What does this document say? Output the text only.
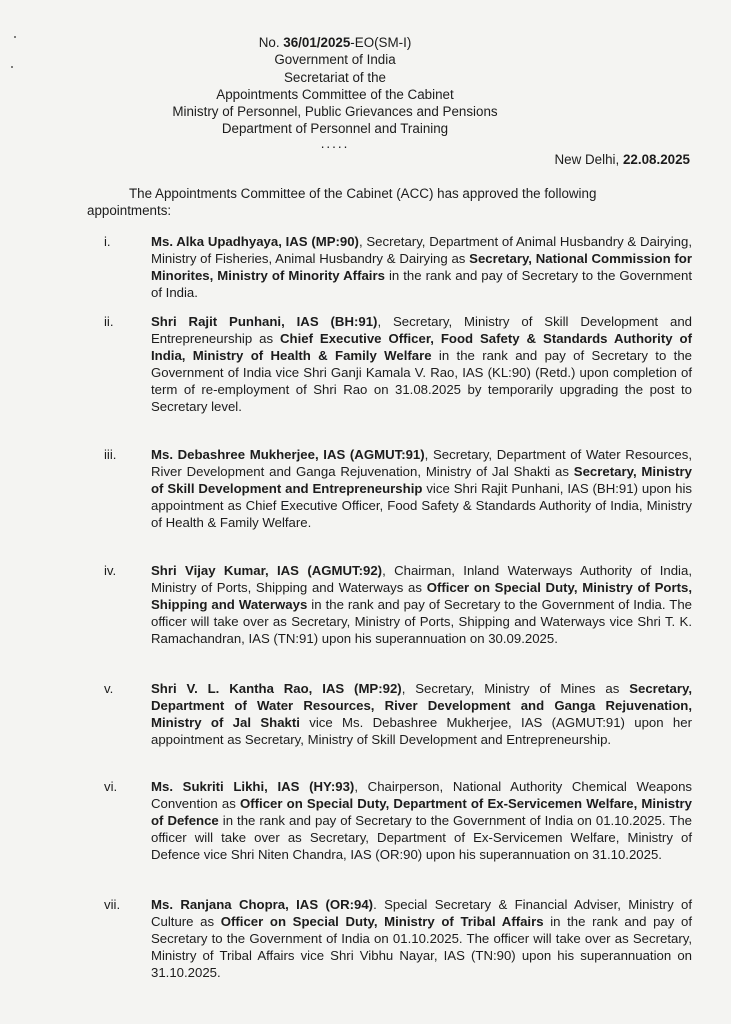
No. 36/01/2025-EO(SM-I)
Government of India
Secretariat of the
Appointments Committee of the Cabinet
Ministry of Personnel, Public Grievances and Pensions
Department of Personnel and Training
.....
New Delhi, 22.08.2025
The Appointments Committee of the Cabinet (ACC) has approved the following
appointments:
i.	Ms. Alka Upadhyaya, IAS (MP:90), Secretary, Department of Animal Husbandry & Dairying, Ministry of Fisheries, Animal Husbandry & Dairying as Secretary, National Commission for Minorites, Ministry of Minority Affairs in the rank and pay of Secretary to the Government of India.
ii.	Shri Rajit Punhani, IAS (BH:91), Secretary, Ministry of Skill Development and Entrepreneurship as Chief Executive Officer, Food Safety & Standards Authority of India, Ministry of Health & Family Welfare in the rank and pay of Secretary to the Government of India vice Shri Ganji Kamala V. Rao, IAS (KL:90) (Retd.) upon completion of term of re-employment of Shri Rao on 31.08.2025 by temporarily upgrading the post to Secretary level.
iii.	Ms. Debashree Mukherjee, IAS (AGMUT:91), Secretary, Department of Water Resources, River Development and Ganga Rejuvenation, Ministry of Jal Shakti as Secretary, Ministry of Skill Development and Entrepreneurship vice Shri Rajit Punhani, IAS (BH:91) upon his appointment as Chief Executive Officer, Food Safety & Standards Authority of India, Ministry of Health & Family Welfare.
iv.	Shri Vijay Kumar, IAS (AGMUT:92), Chairman, Inland Waterways Authority of India, Ministry of Ports, Shipping and Waterways as Officer on Special Duty, Ministry of Ports, Shipping and Waterways in the rank and pay of Secretary to the Government of India. The officer will take over as Secretary, Ministry of Ports, Shipping and Waterways vice Shri T. K. Ramachandran, IAS (TN:91) upon his superannuation on 30.09.2025.
v.	Shri V. L. Kantha Rao, IAS (MP:92), Secretary, Ministry of Mines as Secretary, Department of Water Resources, River Development and Ganga Rejuvenation, Ministry of Jal Shakti vice Ms. Debashree Mukherjee, IAS (AGMUT:91) upon her appointment as Secretary, Ministry of Skill Development and Entrepreneurship.
vi.	Ms. Sukriti Likhi, IAS (HY:93), Chairperson, National Authority Chemical Weapons Convention as Officer on Special Duty, Department of Ex-Servicemen Welfare, Ministry of Defence in the rank and pay of Secretary to the Government of India on 01.10.2025. The officer will take over as Secretary, Department of Ex-Servicemen Welfare, Ministry of Defence vice Shri Niten Chandra, IAS (OR:90) upon his superannuation on 31.10.2025.
vii.	Ms. Ranjana Chopra, IAS (OR:94). Special Secretary & Financial Adviser, Ministry of Culture as Officer on Special Duty, Ministry of Tribal Affairs in the rank and pay of Secretary to the Government of India on 01.10.2025. The officer will take over as Secretary, Ministry of Tribal Affairs vice Shri Vibhu Nayar, IAS (TN:90) upon his superannuation on 31.10.2025.
